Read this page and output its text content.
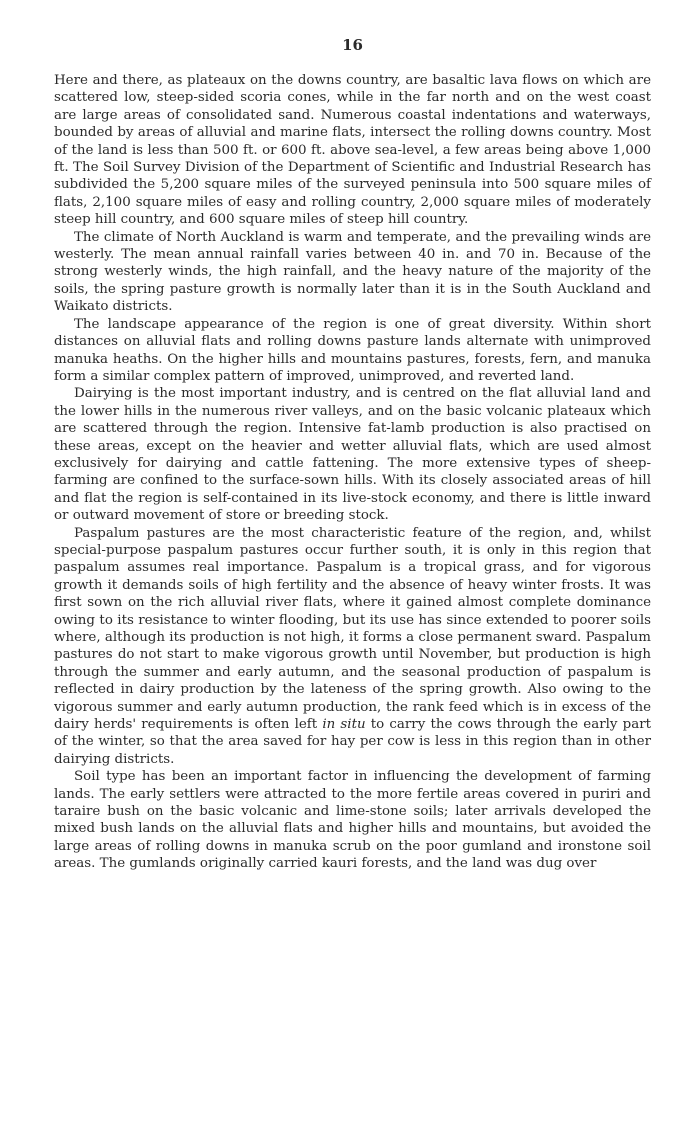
16

Here and there, as plateaux on the downs country, are basaltic lava flows on which are scattered low, steep-sided scoria cones, while in the far north and on the west coast are large areas of consolidated sand. Numerous coastal indentations and waterways, bounded by areas of alluvial and marine flats, intersect the rolling downs country. Most of the land is less than 500 ft. or 600 ft. above sea-level, a few areas being above 1,000 ft. The Soil Survey Division of the Department of Scientific and Industrial Research has subdivided the 5,200 square miles of the surveyed peninsula into 500 square miles of flats, 2,100 square miles of easy and rolling country, 2,000 square miles of moderately steep hill country, and 600 square miles of steep hill country.

The climate of North Auckland is warm and temperate, and the prevailing winds are westerly. The mean annual rainfall varies between 40 in. and 70 in. Because of the strong westerly winds, the high rainfall, and the heavy nature of the majority of the soils, the spring pasture growth is normally later than it is in the South Auckland and Waikato districts.

The landscape appearance of the region is one of great diversity. Within short distances on alluvial flats and rolling downs pasture lands alternate with unimproved manuka heaths. On the higher hills and mountains pastures, forests, fern, and manuka form a similar complex pattern of improved, unimproved, and reverted land.

Dairying is the most important industry, and is centred on the flat alluvial land and the lower hills in the numerous river valleys, and on the basic volcanic plateaux which are scattered through the region. Intensive fat-lamb production is also practised on these areas, except on the heavier and wetter alluvial flats, which are used almost exclusively for dairying and cattle fattening. The more extensive types of sheep-farming are confined to the surface-sown hills. With its closely associated areas of hill and flat the region is self-contained in its live-stock economy, and there is little inward or outward movement of store or breeding stock.

Paspalum pastures are the most characteristic feature of the region, and, whilst special-purpose paspalum pastures occur further south, it is only in this region that paspalum assumes real importance. Paspalum is a tropical grass, and for vigorous growth it demands soils of high fertility and the absence of heavy winter frosts. It was first sown on the rich alluvial river flats, where it gained almost complete dominance owing to its resistance to winter flooding, but its use has since extended to poorer soils where, although its production is not high, it forms a close permanent sward. Paspalum pastures do not start to make vigorous growth until November, but production is high through the summer and early autumn, and the seasonal production of paspalum is reflected in dairy production by the lateness of the spring growth. Also owing to the vigorous summer and early autumn production, the rank feed which is in excess of the dairy herds' requirements is often left in situ to carry the cows through the early part of the winter, so that the area saved for hay per cow is less in this region than in other dairying districts.

Soil type has been an important factor in influencing the development of farming lands. The early settlers were attracted to the more fertile areas covered in puriri and taraire bush on the basic volcanic and lime-stone soils; later arrivals developed the mixed bush lands on the alluvial flats and higher hills and mountains, but avoided the large areas of rolling downs in manuka scrub on the poor gumland and ironstone soil areas. The gumlands originally carried kauri forests, and the land was dug over
